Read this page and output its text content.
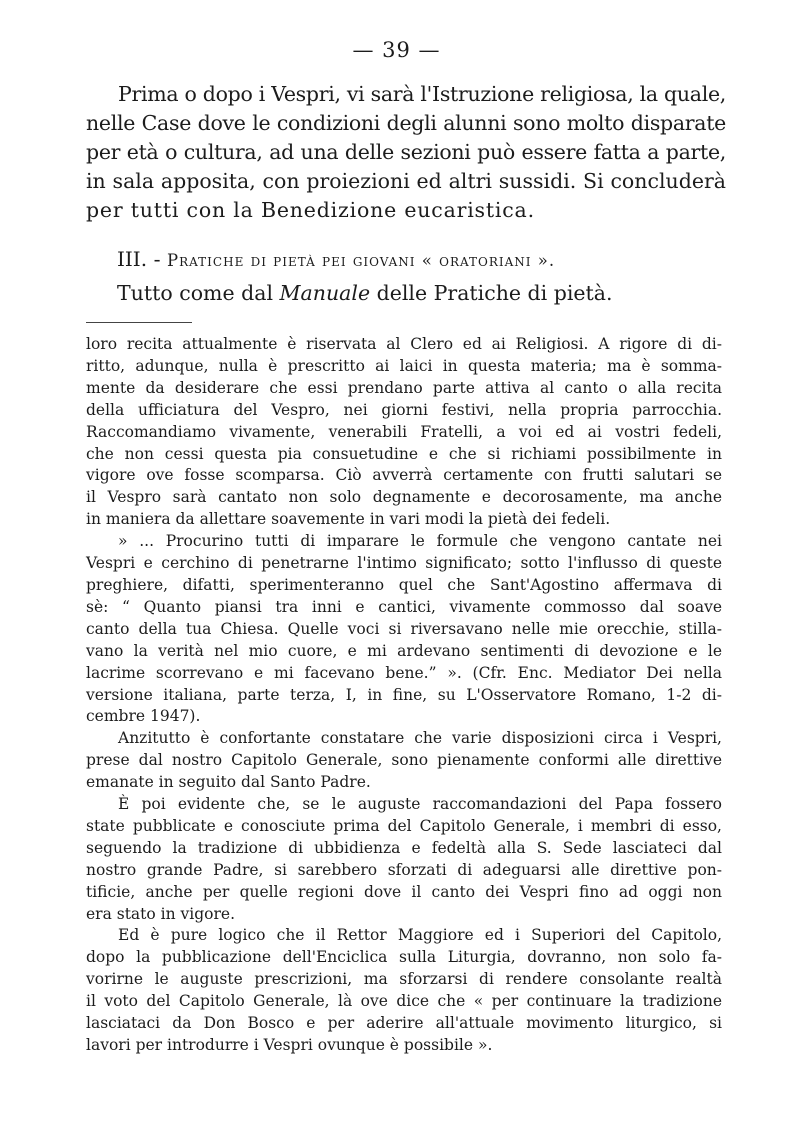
— 39 —
Prima o dopo i Vespri, vi sarà l'Istruzione religiosa, la quale,
nelle Case dove le condizioni degli alunni sono molto disparate
per età o cultura, ad una delle sezioni può essere fatta a parte,
in sala apposita, con proiezioni ed altri sussidi. Si concluderà
per tutti con la Benedizione eucaristica.
III. - Pratiche di pietà pei giovani « oratoriani ».
Tutto come dal Manuale delle Pratiche di pietà.
loro recita attualmente è riservata al Clero ed ai Religiosi. A rigore di di-
ritto, adunque, nulla è prescritto ai laici in questa materia; ma è somma-
mente da desiderare che essi prendano parte attiva al canto o alla recita
della ufficiatura del Vespro, nei giorni festivi, nella propria parrocchia.
Raccomandiamo vivamente, venerabili Fratelli, a voi ed ai vostri fedeli,
che non cessi questa pia consuetudine e che si richiami possibilmente in
vigore ove fosse scomparsa. Ciò avverrà certamente con frutti salutari se
il Vespro sarà cantato non solo degnamente e decorosamente, ma anche
in maniera da allettare soavemente in vari modi la pietà dei fedeli.
» ... Procurino tutti di imparare le formule che vengono cantate nei
Vespri e cerchino di penetrarne l'intimo significato; sotto l'influsso di queste
preghiere, difatti, sperimenteranno quel che Sant'Agostino affermava di
sè: “ Quanto piansi tra inni e cantici, vivamente commosso dal soave
canto della tua Chiesa. Quelle voci si riversavano nelle mie orecchie, stilla-
vano la verità nel mio cuore, e mi ardevano sentimenti di devozione e le
lacrime scorrevano e mi facevano bene.” ». (Cfr. Enc. Mediator Dei nella
versione italiana, parte terza, I, in fine, su L'Osservatore Romano, 1-2 di-
cembre 1947).
Anzitutto è confortante constatare che varie disposizioni circa i Vespri,
prese dal nostro Capitolo Generale, sono pienamente conformi alle direttive
emanate in seguito dal Santo Padre.
È poi evidente che, se le auguste raccomandazioni del Papa fossero
state pubblicate e conosciute prima del Capitolo Generale, i membri di esso,
seguendo la tradizione di ubbidienza e fedeltà alla S. Sede lasciateci dal
nostro grande Padre, si sarebbero sforzati di adeguarsi alle direttive pon-
tificie, anche per quelle regioni dove il canto dei Vespri fino ad oggi non
era stato in vigore.
Ed è pure logico che il Rettor Maggiore ed i Superiori del Capitolo,
dopo la pubblicazione dell'Enciclica sulla Liturgia, dovranno, non solo fa-
vorirne le auguste prescrizioni, ma sforzarsi di rendere consolante realtà
il voto del Capitolo Generale, là ove dice che « per continuare la tradizione
lasciataci da Don Bosco e per aderire all'attuale movimento liturgico, si
lavori per introdurre i Vespri ovunque è possibile ».
